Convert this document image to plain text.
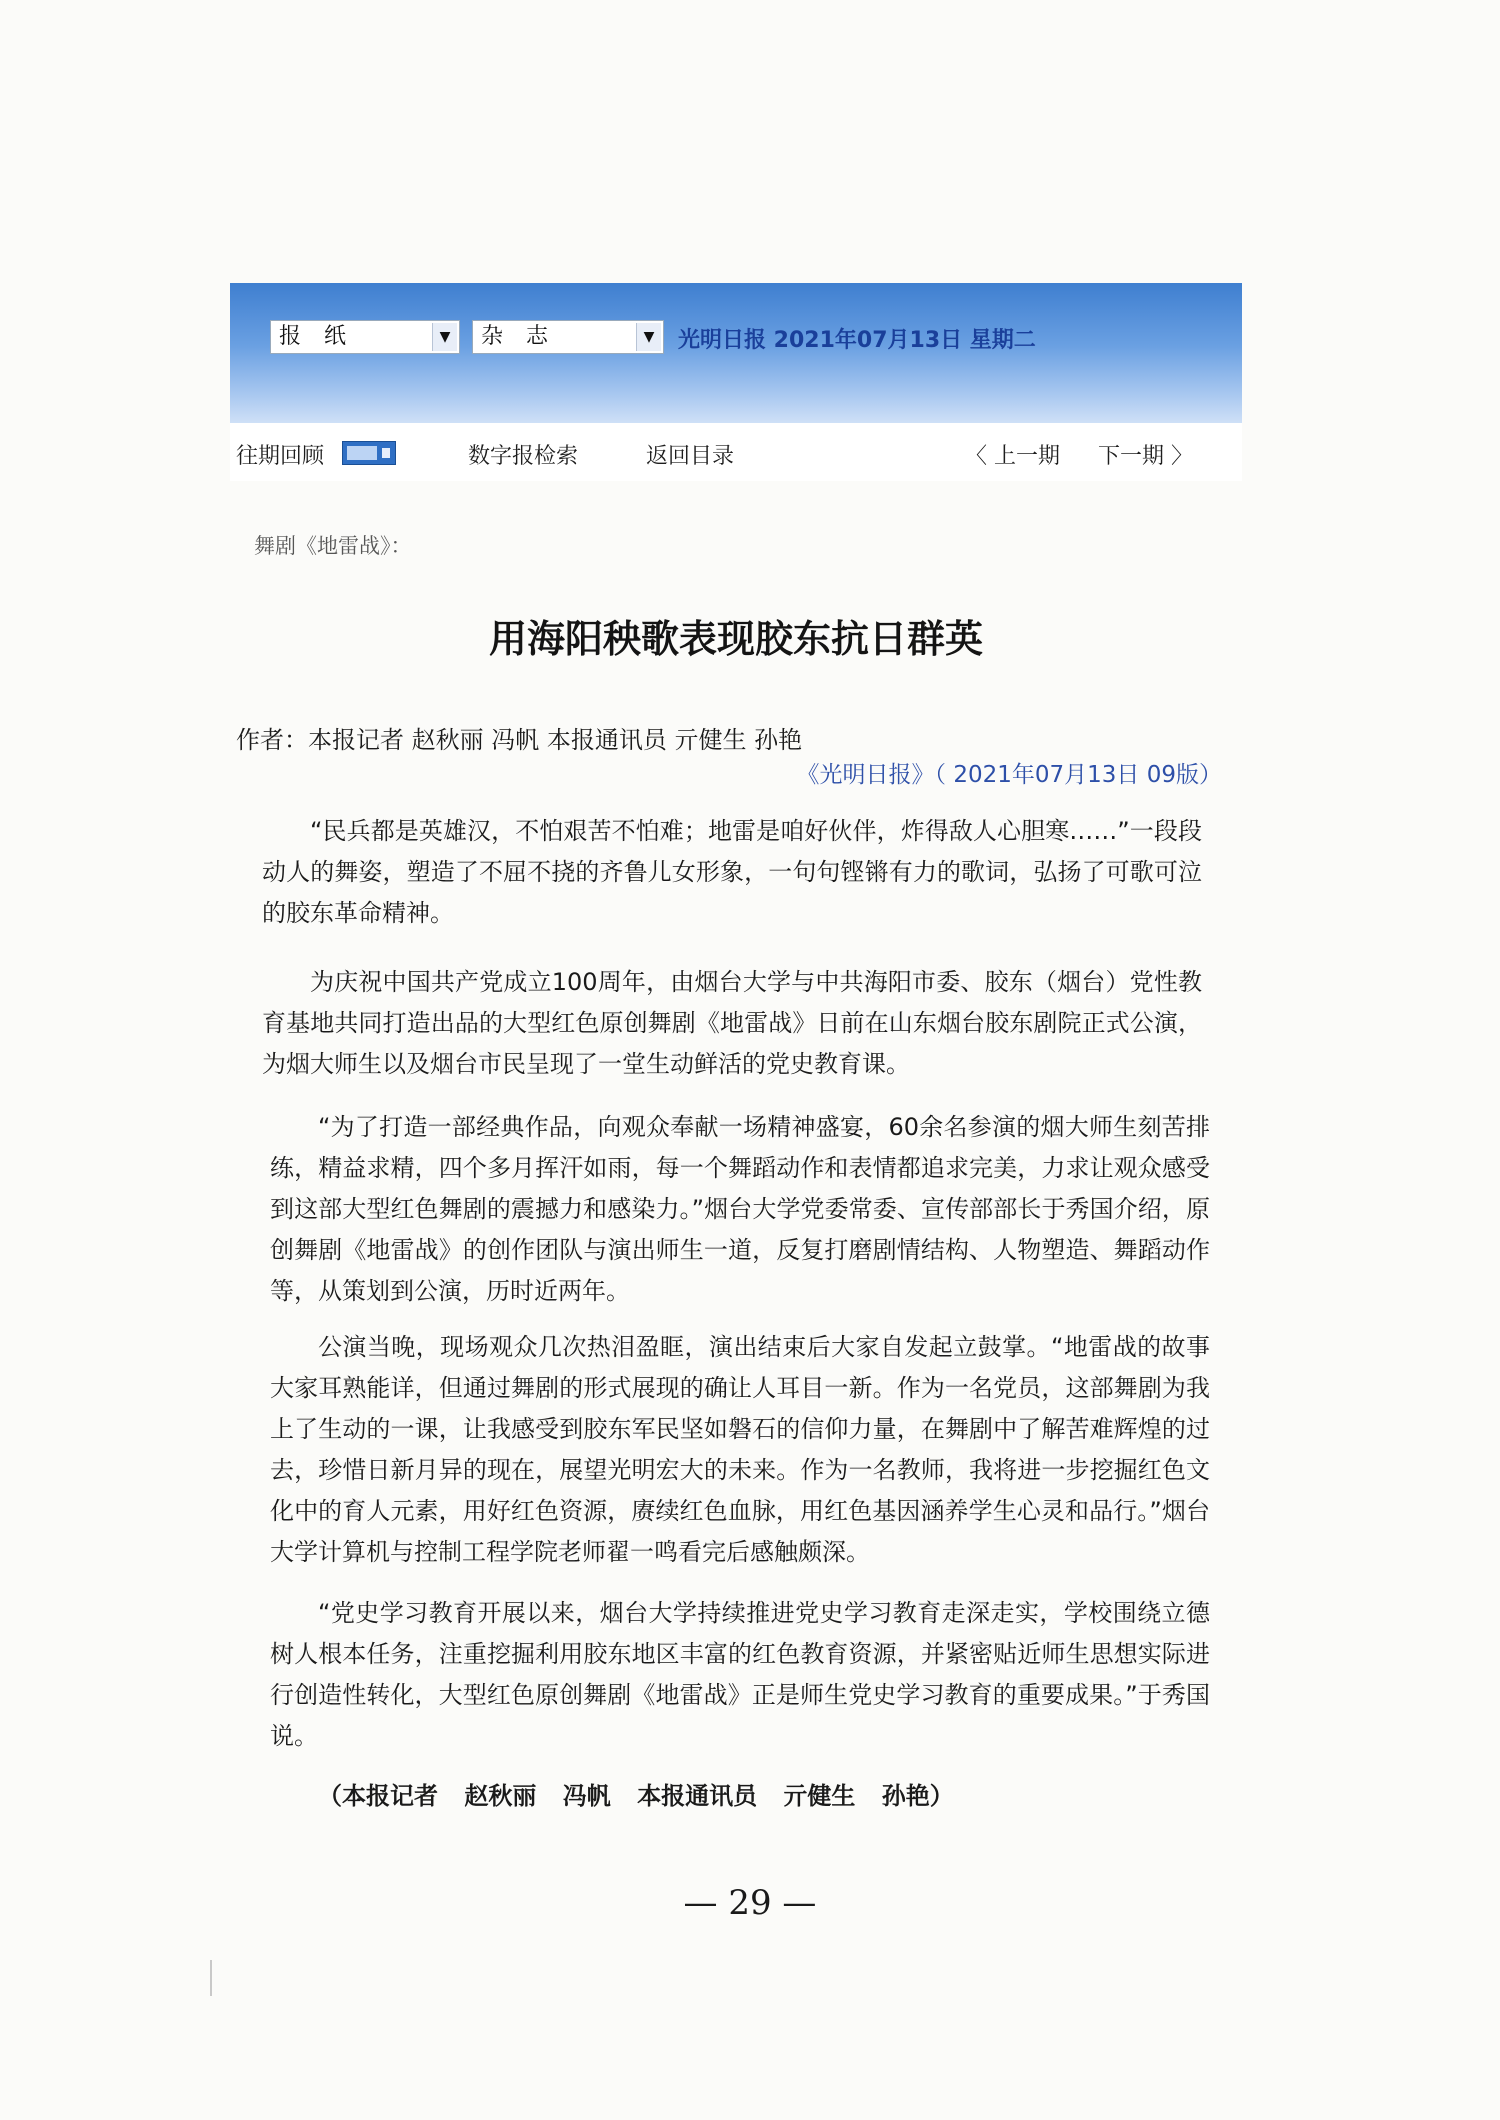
报 纸	▼	杂 志	▼	光明日报 2021年07月13日 星期二
往期回顾	数字报检索	返回目录	〈 上一期 下一期 〉
舞剧《地雷战》：
用海阳秧歌表现胶东抗日群英
作者：本报记者 赵秋丽 冯帆 本报通讯员 亓健生 孙艳
《光明日报》（ 2021年07月13日 09版）

“民兵都是英雄汉，不怕艰苦不怕难；地雷是咱好伙伴，炸得敌人心胆寒……”一段段动人的舞姿，塑造了不屈不挠的齐鲁儿女形象，一句句铿锵有力的歌词，弘扬了可歌可泣的胶东革命精神。

为庆祝中国共产党成立100周年，由烟台大学与中共海阳市委、胶东（烟台）党性教育基地共同打造出品的大型红色原创舞剧《地雷战》日前在山东烟台胶东剧院正式公演，为烟大师生以及烟台市民呈现了一堂生动鲜活的党史教育课。

“为了打造一部经典作品，向观众奉献一场精神盛宴，60余名参演的烟大师生刻苦排练，精益求精，四个多月挥汗如雨，每一个舞蹈动作和表情都追求完美，力求让观众感受到这部大型红色舞剧的震撼力和感染力。”烟台大学党委常委、宣传部部长于秀国介绍，原创舞剧《地雷战》的创作团队与演出师生一道，反复打磨剧情结构、人物塑造、舞蹈动作等，从策划到公演，历时近两年。

公演当晚，现场观众几次热泪盈眶，演出结束后大家自发起立鼓掌。“地雷战的故事大家耳熟能详，但通过舞剧的形式展现的确让人耳目一新。作为一名党员，这部舞剧为我上了生动的一课，让我感受到胶东军民坚如磐石的信仰力量，在舞剧中了解苦难辉煌的过去，珍惜日新月异的现在，展望光明宏大的未来。作为一名教师，我将进一步挖掘红色文化中的育人元素，用好红色资源，赓续红色血脉，用红色基因涵养学生心灵和品行。”烟台大学计算机与控制工程学院老师翟一鸣看完后感触颇深。

“党史学习教育开展以来，烟台大学持续推进党史学习教育走深走实，学校围绕立德树人根本任务，注重挖掘利用胶东地区丰富的红色教育资源，并紧密贴近师生思想实际进行创造性转化，大型红色原创舞剧《地雷战》正是师生党史学习教育的重要成果。”于秀国说。

（本报记者 赵秋丽 冯帆 本报通讯员 亓健生 孙艳）
— 29 —
